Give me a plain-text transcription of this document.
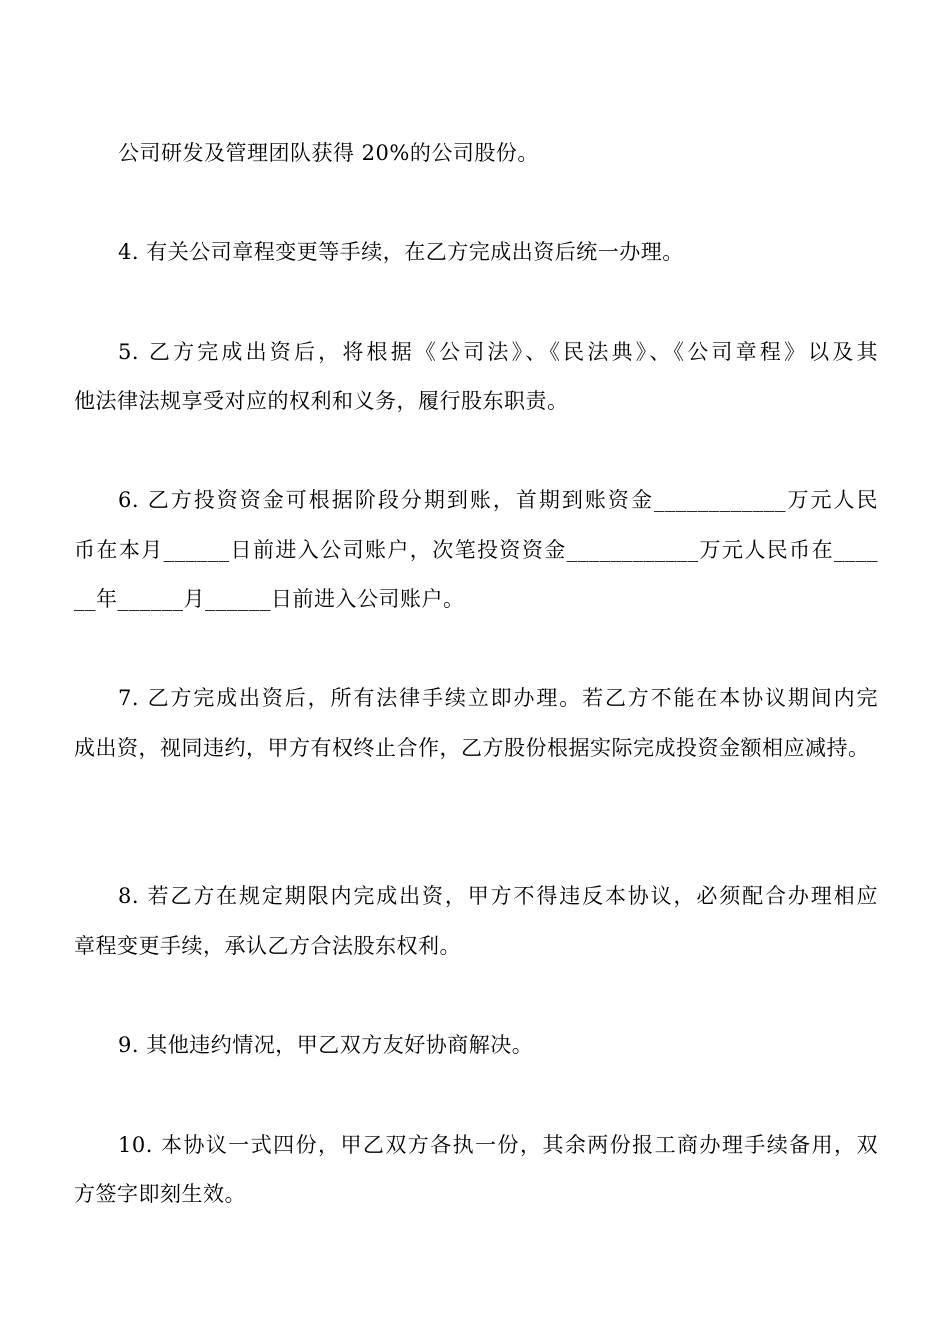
公司研发及管理团队获得 20%的公司股份。
4. 有关公司章程变更等手续，在乙方完成出资后统一办理。
5. 乙方完成出资后，将根据《公司法》、《民法典》、《公司章程》以及其
他法律法规享受对应的权利和义务，履行股东职责。
6. 乙方投资资金可根据阶段分期到账，首期到账资金____________万元人民
币在本月______日前进入公司账户，次笔投资资金____________万元人民币在____
__年______月______日前进入公司账户。
7. 乙方完成出资后，所有法律手续立即办理。若乙方不能在本协议期间内完
成出资，视同违约，甲方有权终止合作，乙方股份根据实际完成投资金额相应减持。
8. 若乙方在规定期限内完成出资，甲方不得违反本协议，必须配合办理相应
章程变更手续，承认乙方合法股东权利。
9. 其他违约情况，甲乙双方友好协商解决。
10. 本协议一式四份，甲乙双方各执一份，其余两份报工商办理手续备用，双
方签字即刻生效。
